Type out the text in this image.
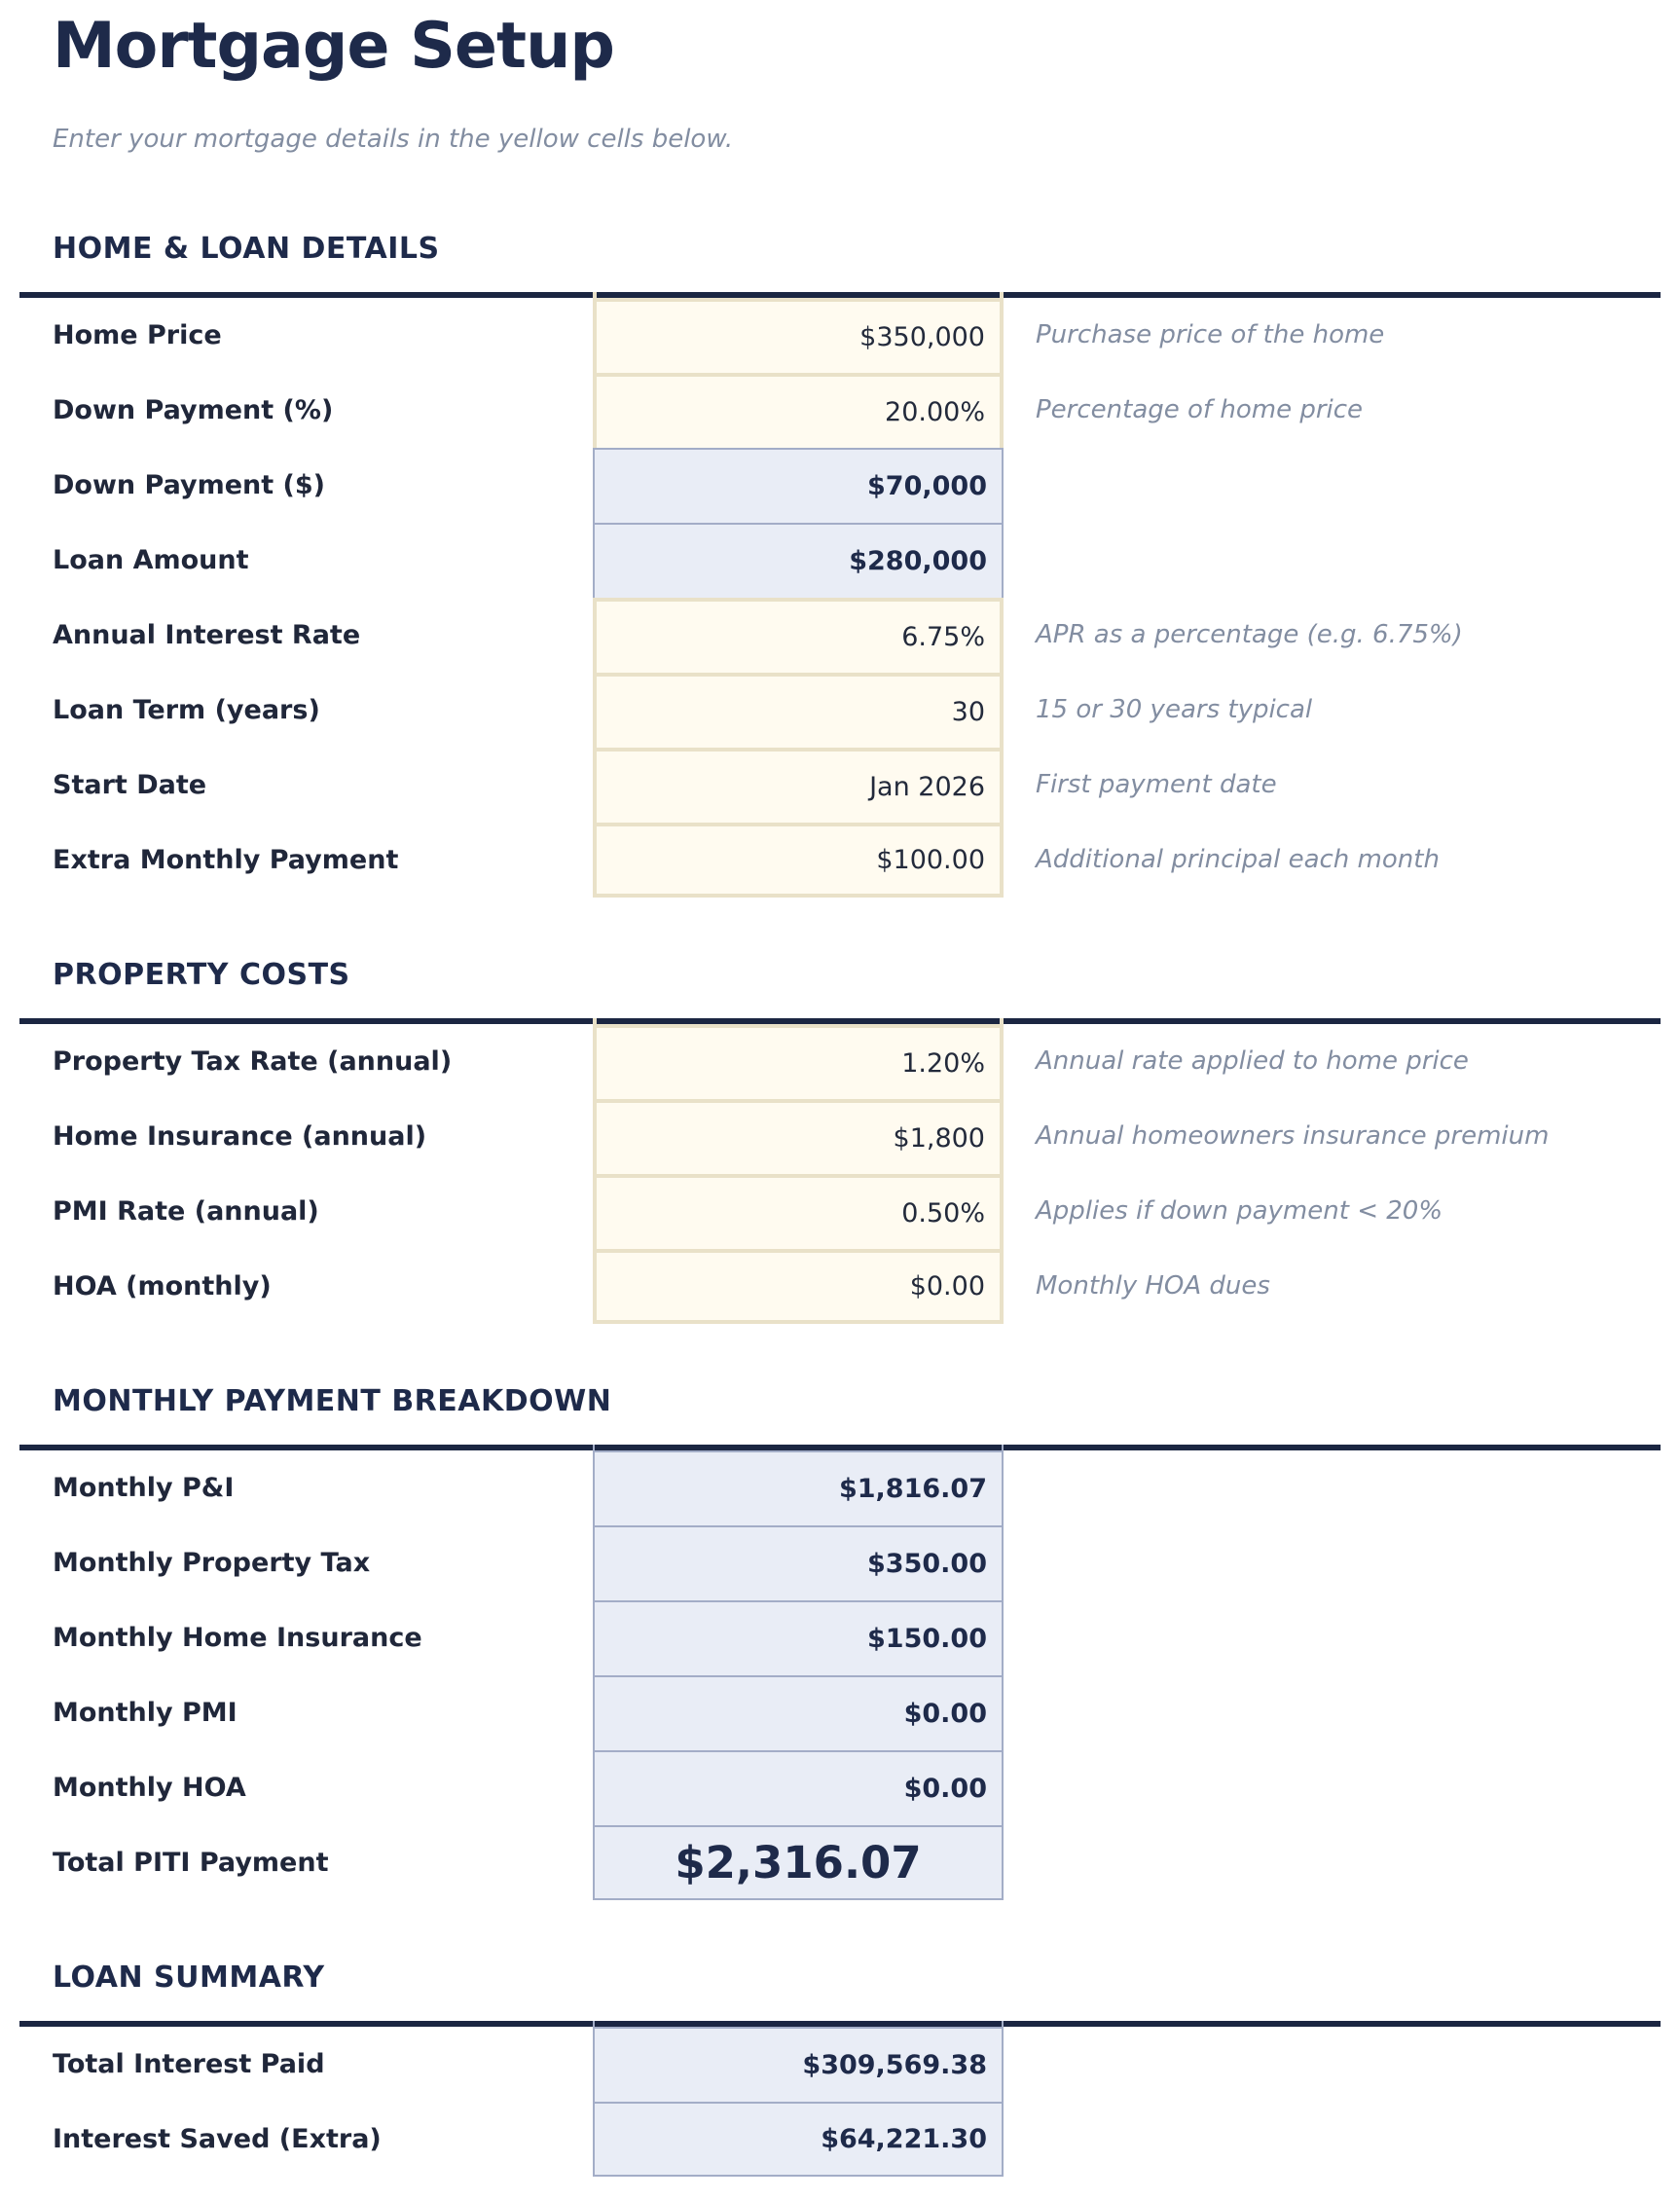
Mortgage Setup

Enter your mortgage details in the yellow cells below.

HOME & LOAN DETAILS
Home Price	$350,000	Purchase price of the home
Down Payment (%)	20.00%	Percentage of home price
Down Payment ($)	$70,000
Loan Amount	$280,000
Annual Interest Rate	6.75%	APR as a percentage (e.g. 6.75%)
Loan Term (years)	30	15 or 30 years typical
Start Date	Jan 2026	First payment date
Extra Monthly Payment	$100.00	Additional principal each month
PROPERTY COSTS
Property Tax Rate (annual)	1.20%	Annual rate applied to home price
Home Insurance (annual)	$1,800	Annual homeowners insurance premium
PMI Rate (annual)	0.50%	Applies if down payment < 20%
HOA (monthly)	$0.00	Monthly HOA dues
MONTHLY PAYMENT BREAKDOWN
Monthly P&I	$1,816.07
Monthly Property Tax	$350.00
Monthly Home Insurance	$150.00
Monthly PMI	$0.00
Monthly HOA	$0.00
Total PITI Payment	$2,316.07
LOAN SUMMARY
Total Interest Paid	$309,569.38
Interest Saved (Extra)	$64,221.30
